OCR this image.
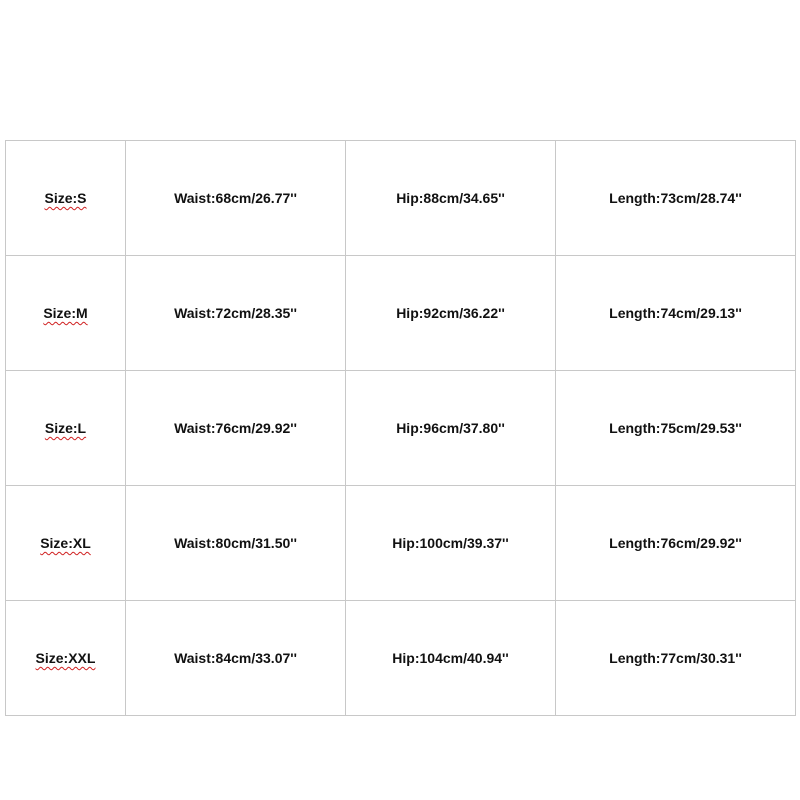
Size:S	Waist:68cm/26.77''	Hip:88cm/34.65''	Length:73cm/28.74''
Size:M	Waist:72cm/28.35''	Hip:92cm/36.22''	Length:74cm/29.13''
Size:L	Waist:76cm/29.92''	Hip:96cm/37.80''	Length:75cm/29.53''
Size:XL	Waist:80cm/31.50''	Hip:100cm/39.37''	Length:76cm/29.92''
Size:XXL	Waist:84cm/33.07''	Hip:104cm/40.94''	Length:77cm/30.31''
